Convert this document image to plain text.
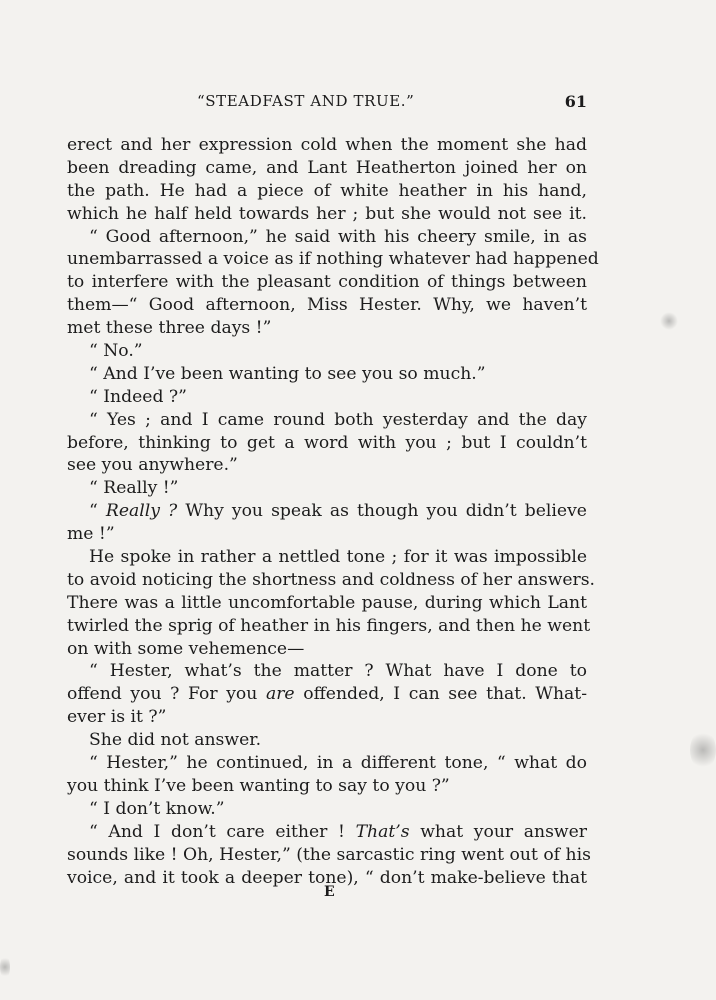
“STEADFAST AND TRUE.”	61
erect and her expression cold when the moment she had
been dreading came, and Lant Heatherton joined her on
the path. He had a piece of white heather in his hand,
which he half held towards her ; but she would not see it.
“ Good afternoon,” he said with his cheery smile, in as
unembarrassed a voice as if nothing whatever had happened
to interfere with the pleasant condition of things between
them—“ Good afternoon, Miss Hester. Why, we haven’t
met these three days !”
“ No.”
“ And I’ve been wanting to see you so much.”
“ Indeed ?”
“ Yes ; and I came round both yesterday and the day
before, thinking to get a word with you ; but I couldn’t
see you anywhere.”
“ Really !”
“ Really ? Why you speak as though you didn’t believe
me !”
He spoke in rather a nettled tone ; for it was impossible
to avoid noticing the shortness and coldness of her answers.
There was a little uncomfortable pause, during which Lant
twirled the sprig of heather in his fingers, and then he went
on with some vehemence—
“ Hester, what’s the matter ? What have I done to
offend you ? For you are offended, I can see that. What-
ever is it ?”
She did not answer.
“ Hester,” he continued, in a different tone, “ what do
you think I’ve been wanting to say to you ?”
“ I don’t know.”
“ And I don’t care either ! That’s what your answer
sounds like ! Oh, Hester,” (the sarcastic ring went out of his
voice, and it took a deeper tone), “ don’t make-believe that
E
